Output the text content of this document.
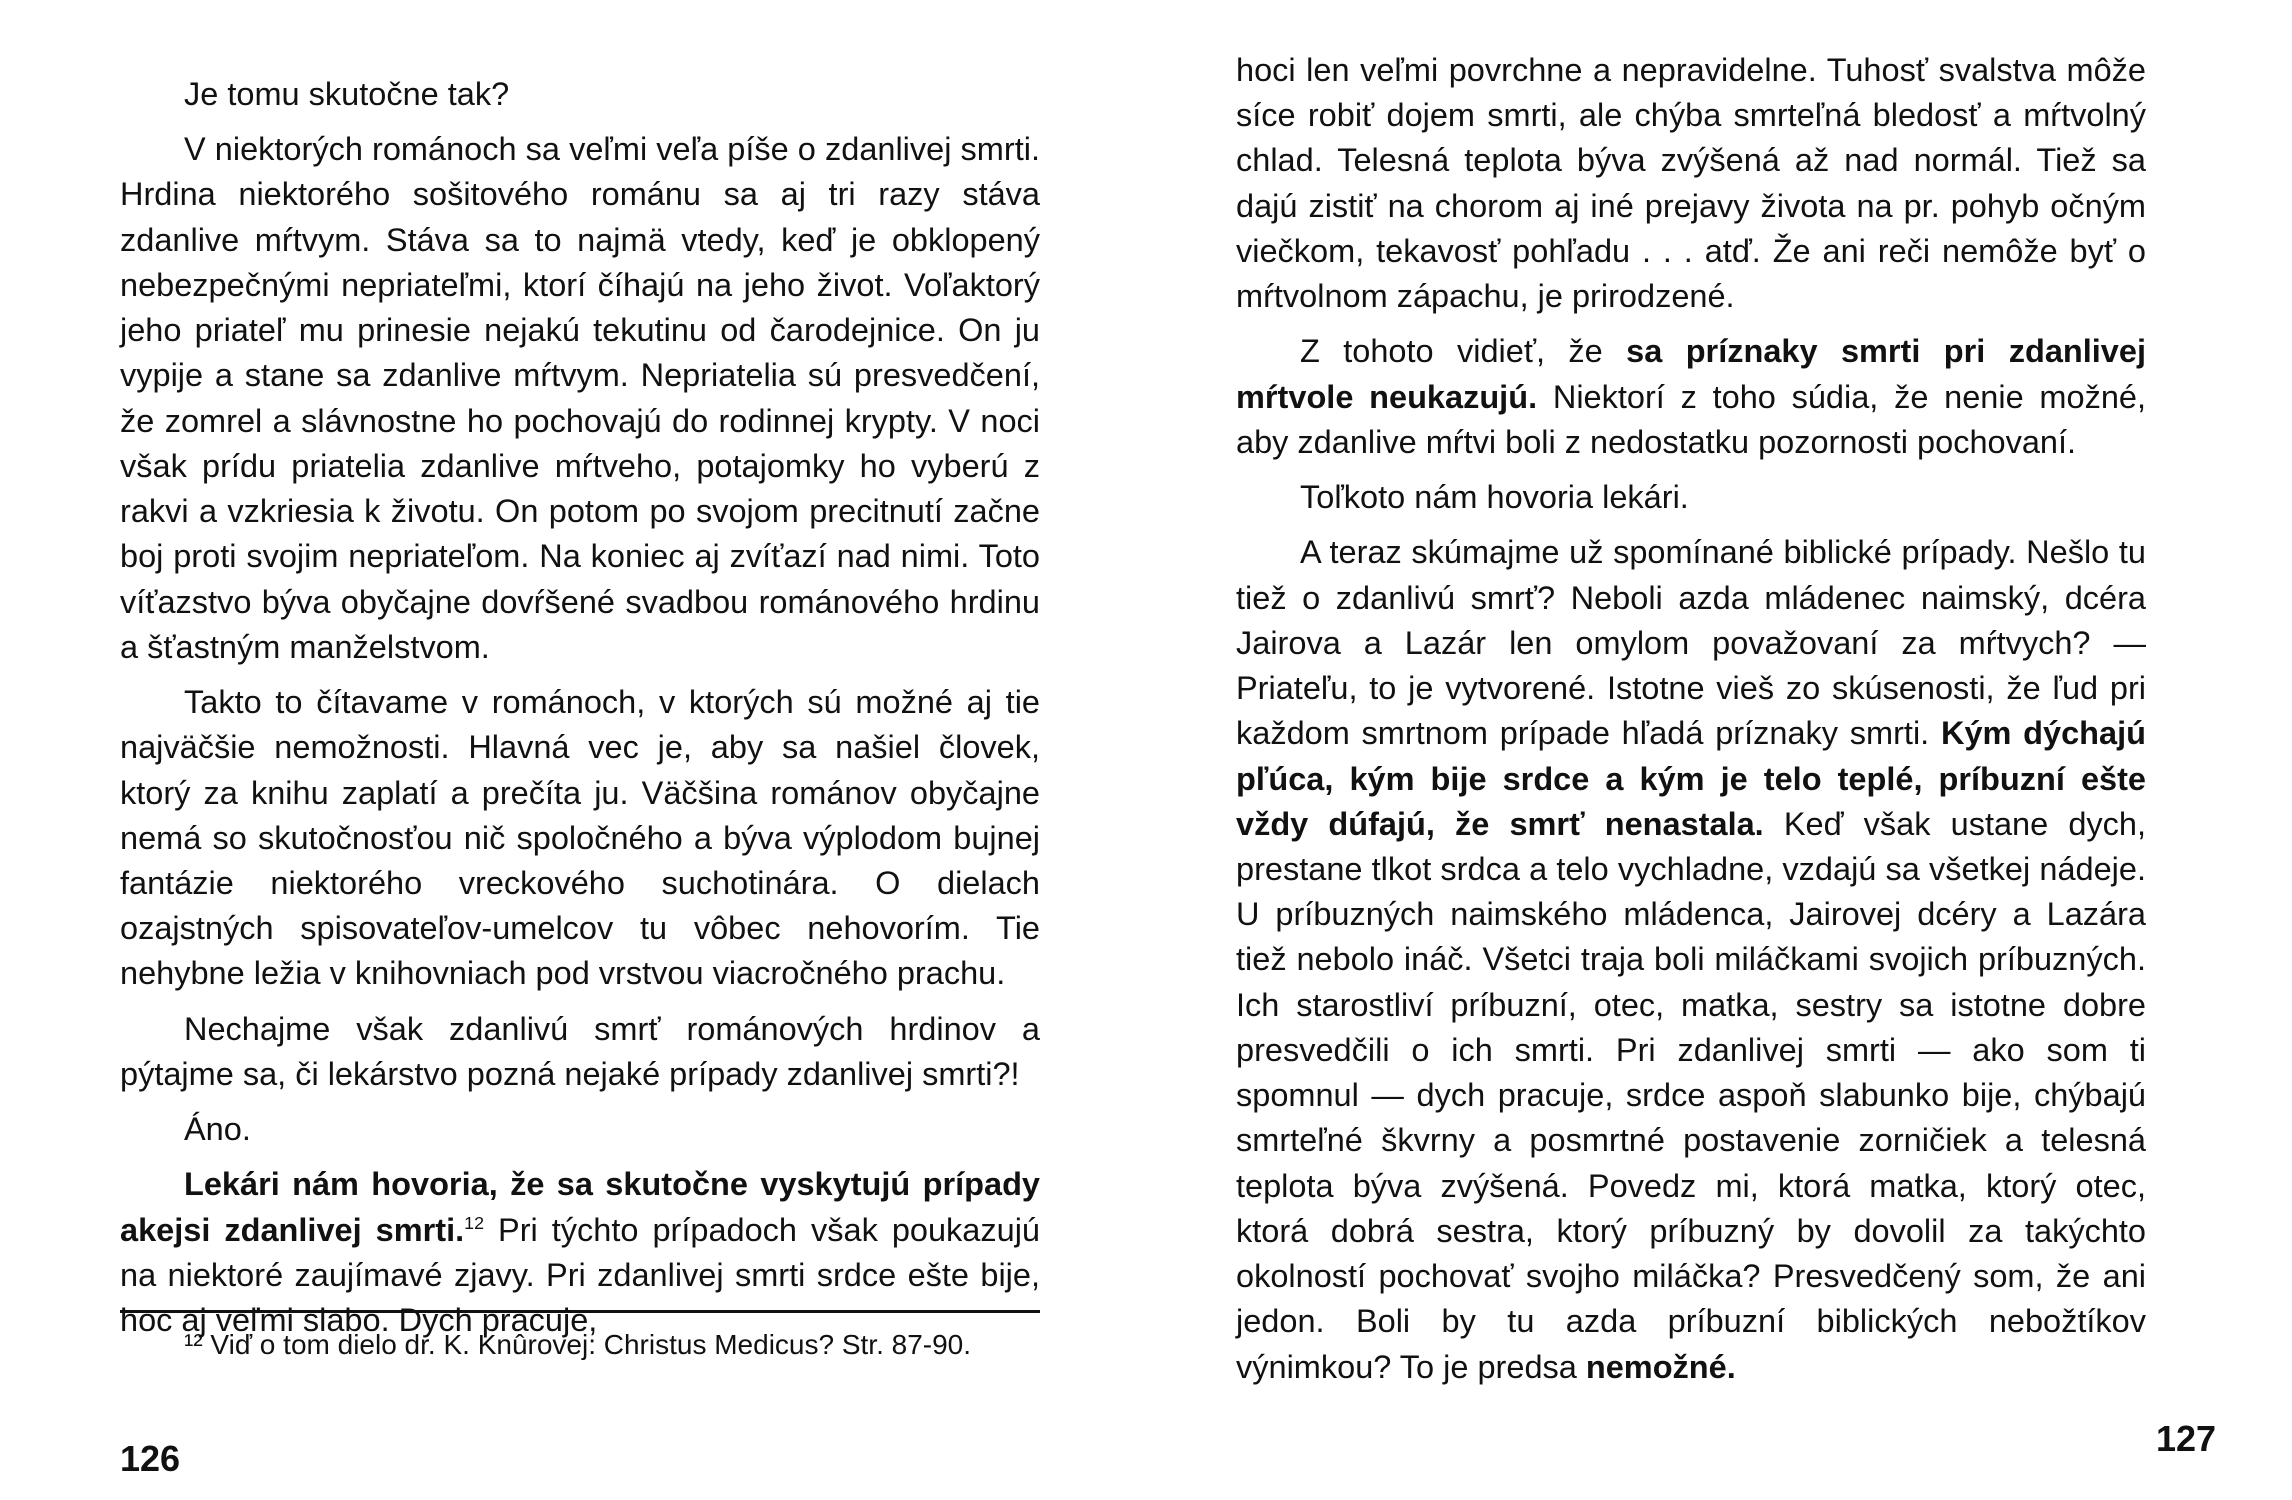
Je tomu skutočne tak?

V niektorých románoch sa veľmi veľa píše o zdanlivej smrti. Hrdina niektorého sošitového románu sa aj tri razy stáva zdanlive mŕtvym. Stáva sa to najmä vtedy, keď je obklopený nebezpečnými nepriateľmi, ktorí číhajú na jeho život. Voľaktorý jeho priateľ mu prinesie nejakú tekutinu od čarodejnice. On ju vypije a stane sa zdanlive mŕtvym. Nepriatelia sú presvedčení, že zomrel a slávnostne ho pochovajú do rodinnej krypty. V noci však prídu priatelia zdanlive mŕtveho, potajomky ho vyberú z rakvi a vzkriesia k životu. On potom po svojom precitnutí začne boj proti svojim nepriateľom. Na koniec aj zvíťazí nad nimi. Toto víťazstvo býva obyčajne dovŕšené svadbou románového hrdinu a šťastným manželstvom.

Takto to čítavame v románoch, v ktorých sú možné aj tie najväčšie nemožnosti. Hlavná vec je, aby sa našiel človek, ktorý za knihu zaplatí a prečíta ju. Väčšina románov obyčajne nemá so skutočnosťou nič spoločného a býva výplodom bujnej fantázie niektorého vreckového suchotinára. O dielach ozajstných spisovateľov-umelcov tu vôbec nehovorím. Tie nehybne ležia v knihovniach pod vrstvou viacročného prachu.

Nechajme však zdanlivú smrť románových hrdinov a pýtajme sa, či lekárstvo pozná nejaké prípady zdanlivej smrti?!

Áno.

Lekári nám hovoria, že sa skutočne vyskytujú prípady akejsi zdanlivej smrti.$^{12}$ Pri týchto prípadoch však poukazujú na niektoré zaujímavé zjavy. Pri zdanlivej smrti srdce ešte bije, hoc aj veľmi slabo. Dych pracuje,

¹² Viď o tom dielo dr. K. Knûrovej: Christus Medicus? Str. 87-90.

126

hoci len veľmi povrchne a nepravidelne. Tuhosť svalstva môže síce robiť dojem smrti, ale chýba smrteľná bledosť a mŕtvolný chlad. Telesná teplota býva zvýšená až nad normál. Tiež sa dajú zistiť na chorom aj iné prejavy života na pr. pohyb očným viečkom, tekavosť pohľadu . . . atď. Že ani reči nemôže byť o mŕtvolnom zápachu, je prirodzené.

Z tohoto vidieť, že sa príznaky smrti pri zdanlivej mŕtvole neukazujú. Niektorí z toho súdia, že nenie možné, aby zdanlive mŕtvi boli z nedostatku pozornosti pochovaní.

Toľkoto nám hovoria lekári.

A teraz skúmajme už spomínané biblické prípady. Nešlo tu tiež o zdanlivú smrť? Neboli azda mládenec naimský, dcéra Jairova a Lazár len omylom považovaní za mŕtvych? — Priateľu, to je vytvorené. Istotne vieš zo skúsenosti, že ľud pri každom smrtnom prípade hľadá príznaky smrti. Kým dýchajú pľúca, kým bije srdce a kým je telo teplé, príbuzní ešte vždy dúfajú, že smrť nenastala. Keď však ustane dych, prestane tlkot srdca a telo vychladne, vzdajú sa všetkej nádeje. U príbuzných naimského mládenca, Jairovej dcéry a Lazára tiež nebolo ináč. Všetci traja boli miláčkami svojich príbuzných. Ich starostliví príbuzní, otec, matka, sestry sa istotne dobre presvedčili o ich smrti. Pri zdanlivej smrti — ako som ti spomnul — dych pracuje, srdce aspoň slabunko bije, chýbajú smrteľné škvrny a posmrtné postavenie zorničiek a telesná teplota býva zvýšená. Povedz mi, ktorá matka, ktorý otec, ktorá dobrá sestra, ktorý príbuzný by dovolil za takýchto okolností pochovať svojho miláčka? Presvedčený som, že ani jedon. Boli by tu azda príbuzní biblických nebožtíkov výnimkou? To je predsa nemožné.

127
